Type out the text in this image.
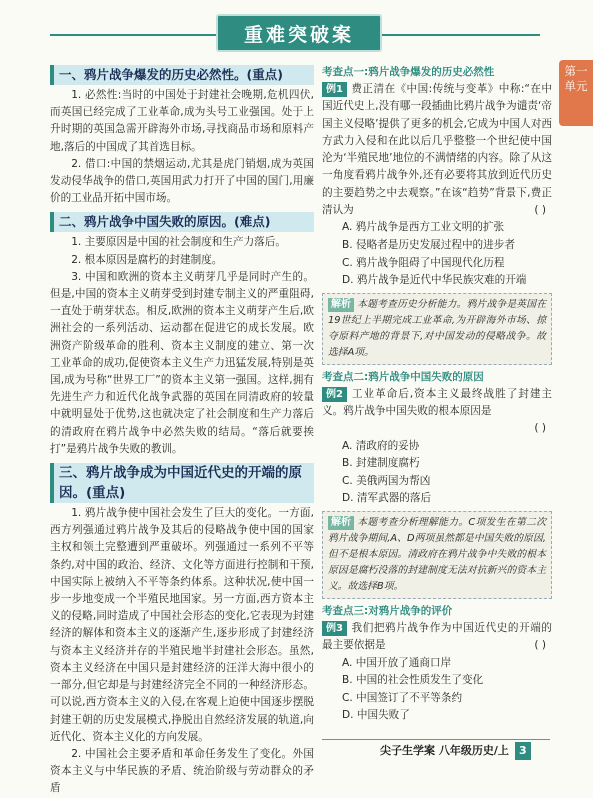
重难突破案
第一单元
一、鸦片战争爆发的历史必然性。(重点)

1. 必然性:当时的中国处于封建社会晚期,危机四伏,而英国已经完成了工业革命,成为头号工业强国。处于上升时期的英国急需开辟海外市场,寻找商品市场和原料产地,落后的中国成了其首选目标。

2. 借口:中国的禁烟运动,尤其是虎门销烟,成为英国发动侵华战争的借口,英国用武力打开了中国的国门,用廉价的工业品开拓中国市场。

二、鸦片战争中国失败的原因。(难点)

1. 主要原因是中国的社会制度和生产力落后。

2. 根本原因是腐朽的封建制度。

3. 中国和欧洲的资本主义萌芽几乎是同时产生的。但是,中国的资本主义萌芽受到封建专制主义的严重阻碍,一直处于萌芽状态。相反,欧洲的资本主义萌芽产生后,欧洲社会的一系列活动、运动都在促进它的成长发展。欧洲资产阶级革命的胜利、资本主义制度的建立、第一次工业革命的成功,促使资本主义生产力迅猛发展,特别是英国,成为号称“世界工厂”的资本主义第一强国。这样,拥有先进生产力和近代化战争武器的英国在同清政府的较量中就明显处于优势,这也就决定了社会制度和生产力落后的清政府在鸦片战争中必然失败的结局。“落后就要挨打”是鸦片战争失败的教训。

三、鸦片战争成为中国近代史的开端的原因。(重点)

1. 鸦片战争使中国社会发生了巨大的变化。一方面,西方列强通过鸦片战争及其后的侵略战争使中国的国家主权和领土完整遭到严重破坏。列强通过一系列不平等条约,对中国的政治、经济、文化等方面进行控制和干预,中国实际上被纳入不平等条约体系。这种状况,使中国一步一步地变成一个半殖民地国家。另一方面,西方资本主义的侵略,同时造成了中国社会形态的变化,它表现为封建经济的解体和资本主义的逐渐产生,逐步形成了封建经济与资本主义经济并存的半殖民地半封建社会形态。虽然,资本主义经济在中国只是封建经济的汪洋大海中很小的一部分,但它却是与封建经济完全不同的一种经济形态。可以说,西方资本主义的入侵,在客观上迫使中国逐步摆脱封建王朝的历史发展模式,挣脱出自然经济发展的轨道,向近代化、资本主义化的方向发展。

2. 中国社会主要矛盾和革命任务发生了变化。外国资本主义与中华民族的矛盾、统治阶级与劳动群众的矛盾

考查点一:鸦片战争爆发的历史必然性
例1 费正清在《中国:传统与变革》中称:“在中国近代史上,没有哪一段插曲比鸦片战争为谴责‘帝国主义侵略’提供了更多的机会,它成为中国人对西方武力入侵和在此以后几乎整整一个世纪使中国沦为‘半殖民地’地位的不满情绪的内容。除了从这一角度看鸦片战争外,还有必要将其放到近代历史的主要趋势之中去观察。”在该“趋势”背景下,费正清认为	( )
A. 鸦片战争是西方工业文明的扩张
B. 侵略者是历史发展过程中的进步者
C. 鸦片战争阻碍了中国现代化历程
D. 鸦片战争是近代中华民族灾难的开端
解析 本题考查历史分析能力。鸦片战争是英国在19世纪上半期完成工业革命,为开辟海外市场、掠夺原料产地的背景下,对中国发动的侵略战争。故选择A项。
考查点二:鸦片战争中国失败的原因
例2 工业革命后,资本主义最终战胜了封建主义。鸦片战争中国失败的根本原因是
( )
A. 清政府的妥协
B. 封建制度腐朽
C. 美俄两国为帮凶
D. 清军武器的落后
解析 本题考查分析理解能力。C项发生在第二次鸦片战争期间,A、D两项虽然都是中国失败的原因,但不是根本原因。清政府在鸦片战争中失败的根本原因是腐朽没落的封建制度无法对抗新兴的资本主义。故选择B项。
考查点三:对鸦片战争的评价
例3 我们把鸦片战争作为中国近代史的开端的最主要依据是	( )
A. 中国开放了通商口岸
B. 中国的社会性质发生了变化
C. 中国签订了不平等条约
D. 中国失败了
尖子生学案 八年级历史/上 3
